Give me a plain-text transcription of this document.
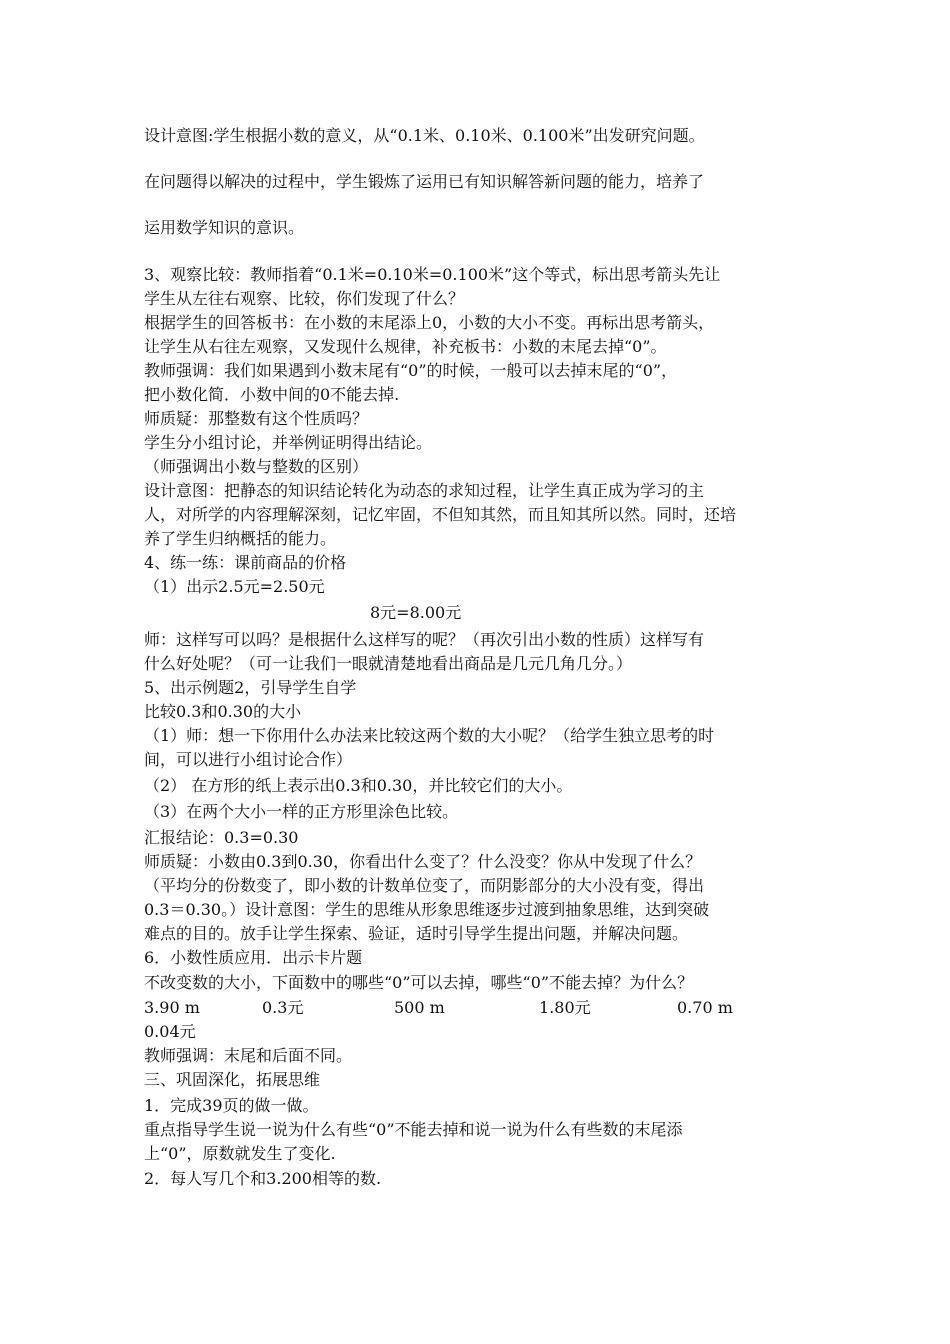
设计意图:学生根据小数的意义，从“0.1米、0.10米、0.100米”出发研究问题。
在问题得以解决的过程中，学生锻炼了运用已有知识解答新问题的能力，培养了
运用数学知识的意识。
3、观察比较：教师指着“0.1米=0.10米=0.100米”这个等式，标出思考箭头先让
学生从左往右观察、比较，你们发现了什么？
根据学生的回答板书：在小数的末尾添上0，小数的大小不变。再标出思考箭头，
让学生从右往左观察，又发现什么规律，补充板书：小数的末尾去掉“0”。
教师强调：我们如果遇到小数末尾有“0”的时候，一般可以去掉末尾的“0”，
把小数化简．小数中间的0不能去掉.
师质疑：那整数有这个性质吗？
学生分小组讨论，并举例证明得出结论。
（师强调出小数与整数的区别）
设计意图：把静态的知识结论转化为动态的求知过程，让学生真正成为学习的主
人，对所学的内容理解深刻，记忆牢固，不但知其然，而且知其所以然。同时，还培
养了学生归纳概括的能力。
4、练一练：课前商品的价格
（1）出示2.5元=2.50元
8元=8.00元
师：这样写可以吗？是根据什么这样写的呢？（再次引出小数的性质）这样写有
什么好处呢？（可一让我们一眼就清楚地看出商品是几元几角几分。）
5、出示例题2，引导学生自学
比较0.3和0.30的大小
（1）师：想一下你用什么办法来比较这两个数的大小呢？（给学生独立思考的时
间，可以进行小组讨论合作）
（2） 在方形的纸上表示出0.3和0.30，并比较它们的大小。
（3）在两个大小一样的正方形里涂色比较。
汇报结论：0.3=0.30
师质疑：小数由0.3到0.30，你看出什么变了？什么没变？你从中发现了什么？
（平均分的份数变了，即小数的计数单位变了，而阴影部分的大小没有变，得出
0.3＝0.30。）设计意图：学生的思维从形象思维逐步过渡到抽象思维，达到突破
难点的目的。放手让学生探索、验证，适时引导学生提出问题，并解决问题。
6．小数性质应用．出示卡片题
不改变数的大小，下面数中的哪些“0”可以去掉，哪些“0”不能去掉？为什么？
3.90 m	0.3元	500 m	1.80元	0.70 m
0.04元
教师强调：末尾和后面不同。
三、巩固深化，拓展思维
1．完成39页的做一做。
重点指导学生说一说为什么有些“0”不能去掉和说一说为什么有些数的末尾添
上“0”，原数就发生了变化.
2．每人写几个和3.200相等的数.
